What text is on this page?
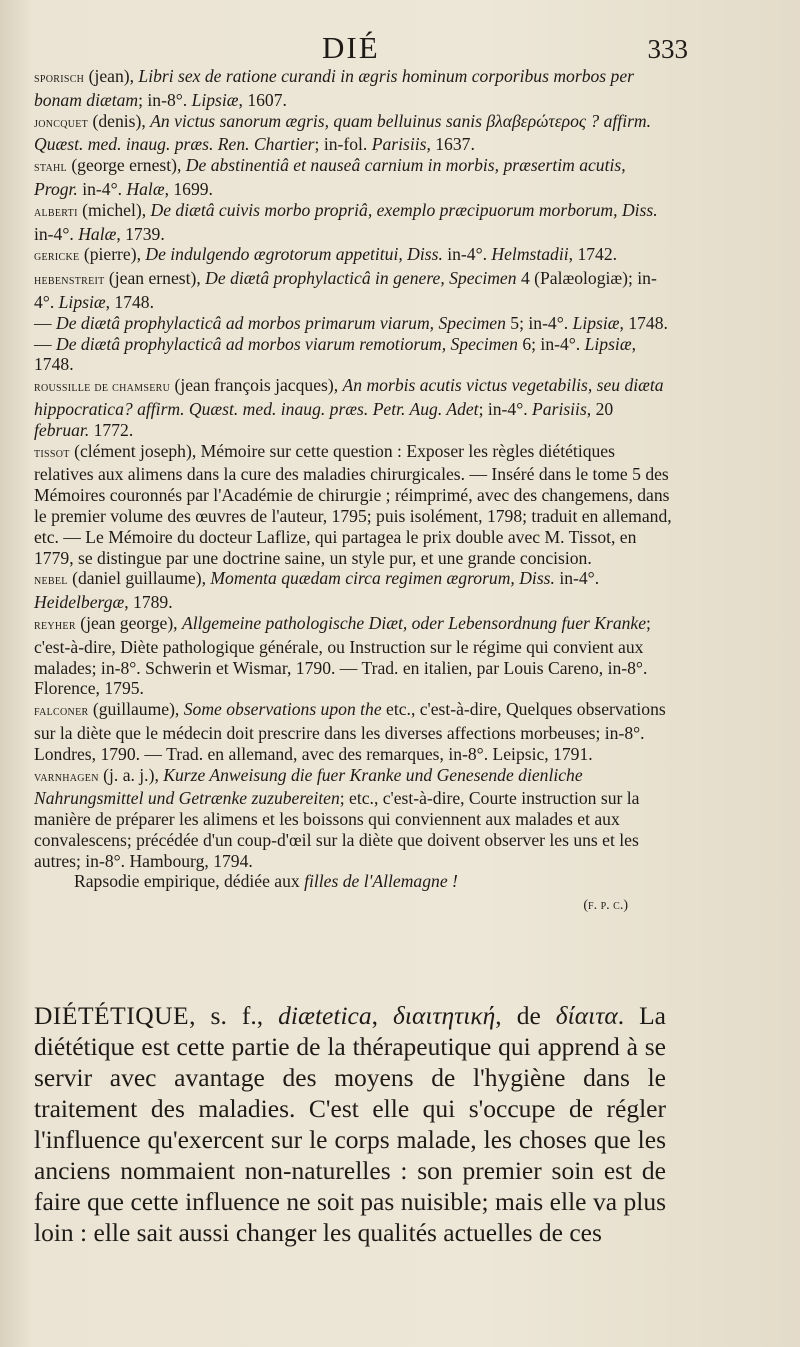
DIÉ	333

sporisch (jean), Libri sex de ratione curandi in ægris hominum corporibus morbos per bonam diætam; in-8°. Lipsiæ, 1607.

joncquet (denis), An victus sanorum ægris, quam belluinus sanis βλαβερώτερος ? affirm. Quæst. med. inaug. præs. Ren. Chartier; in-fol. Parisiis, 1637.

stahl (george ernest), De abstinentiâ et nauseâ carnium in morbis, præsertim acutis, Progr. in-4°. Halæ, 1699.

alberti (michel), De diætâ cuivis morbo propriâ, exemplo præcipuorum morborum, Diss. in-4°. Halæ, 1739.

gericke (pierre), De indulgendo ægrotorum appetitui, Diss. in-4°. Helmstadii, 1742.

hebenstreit (jean ernest), De diætâ prophylacticâ in genere, Specimen 4 (Palæologiæ); in-4°. Lipsiæ, 1748.

— De diætâ prophylacticâ ad morbos primarum viarum, Specimen 5; in-4°. Lipsiæ, 1748.

— De diætâ prophylacticâ ad morbos viarum remotiorum, Specimen 6; in-4°. Lipsiæ, 1748.

roussille de chamseru (jean françois jacques), An morbis acutis victus vegetabilis, seu diæta hippocratica? affirm. Quæst. med. inaug. præs. Petr. Aug. Adet; in-4°. Parisiis, 20 februar. 1772.

tissot (clément joseph), Mémoire sur cette question : Exposer les règles diététiques relatives aux alimens dans la cure des maladies chirurgicales. — Inséré dans le tome 5 des Mémoires couronnés par l'Académie de chirurgie ; réimprimé, avec des changemens, dans le premier volume des œuvres de l'auteur, 1795; puis isolément, 1798; traduit en allemand, etc. — Le Mémoire du docteur Laflize, qui partagea le prix double avec M. Tissot, en 1779, se distingue par une doctrine saine, un style pur, et une grande concision.

nebel (daniel guillaume), Momenta quædam circa regimen ægrorum, Diss. in-4°. Heidelbergæ, 1789.

reyher (jean george), Allgemeine pathologische Diæt, oder Lebensordnung fuer Kranke; c'est-à-dire, Diète pathologique générale, ou Instruction sur le régime qui convient aux malades; in-8°. Schwerin et Wismar, 1790. — Trad. en italien, par Louis Careno, in-8°. Florence, 1795.

falconer (guillaume), Some observations upon the etc., c'est-à-dire, Quelques observations sur la diète que le médecin doit prescrire dans les diverses affections morbeuses; in-8°. Londres, 1790. — Trad. en allemand, avec des remarques, in-8°. Leipsic, 1791.

varnhagen (j. a. j.), Kurze Anweisung die fuer Kranke und Genesende dienliche Nahrungsmittel und Getrænke zuzubereiten; etc., c'est-à-dire, Courte instruction sur la manière de préparer les alimens et les boissons qui conviennent aux malades et aux convalescens; précédée d'un coup-d'œil sur la diète que doivent observer les uns et les autres; in-8°. Hambourg, 1794.

Rapsodie empirique, dédiée aux filles de l'Allemagne !

(f. p. c.)
DIÉTÉTIQUE, s. f., diætetica, διαιτητική, de δίαιτα. La diététique est cette partie de la thérapeutique qui apprend à se servir avec avantage des moyens de l'hygiène dans le traitement des maladies. C'est elle qui s'occupe de régler l'influence qu'exercent sur le corps malade, les choses que les anciens nommaient non-naturelles : son premier soin est de faire que cette influence ne soit pas nuisible; mais elle va plus loin : elle sait aussi changer les qualités actuelles de ces
